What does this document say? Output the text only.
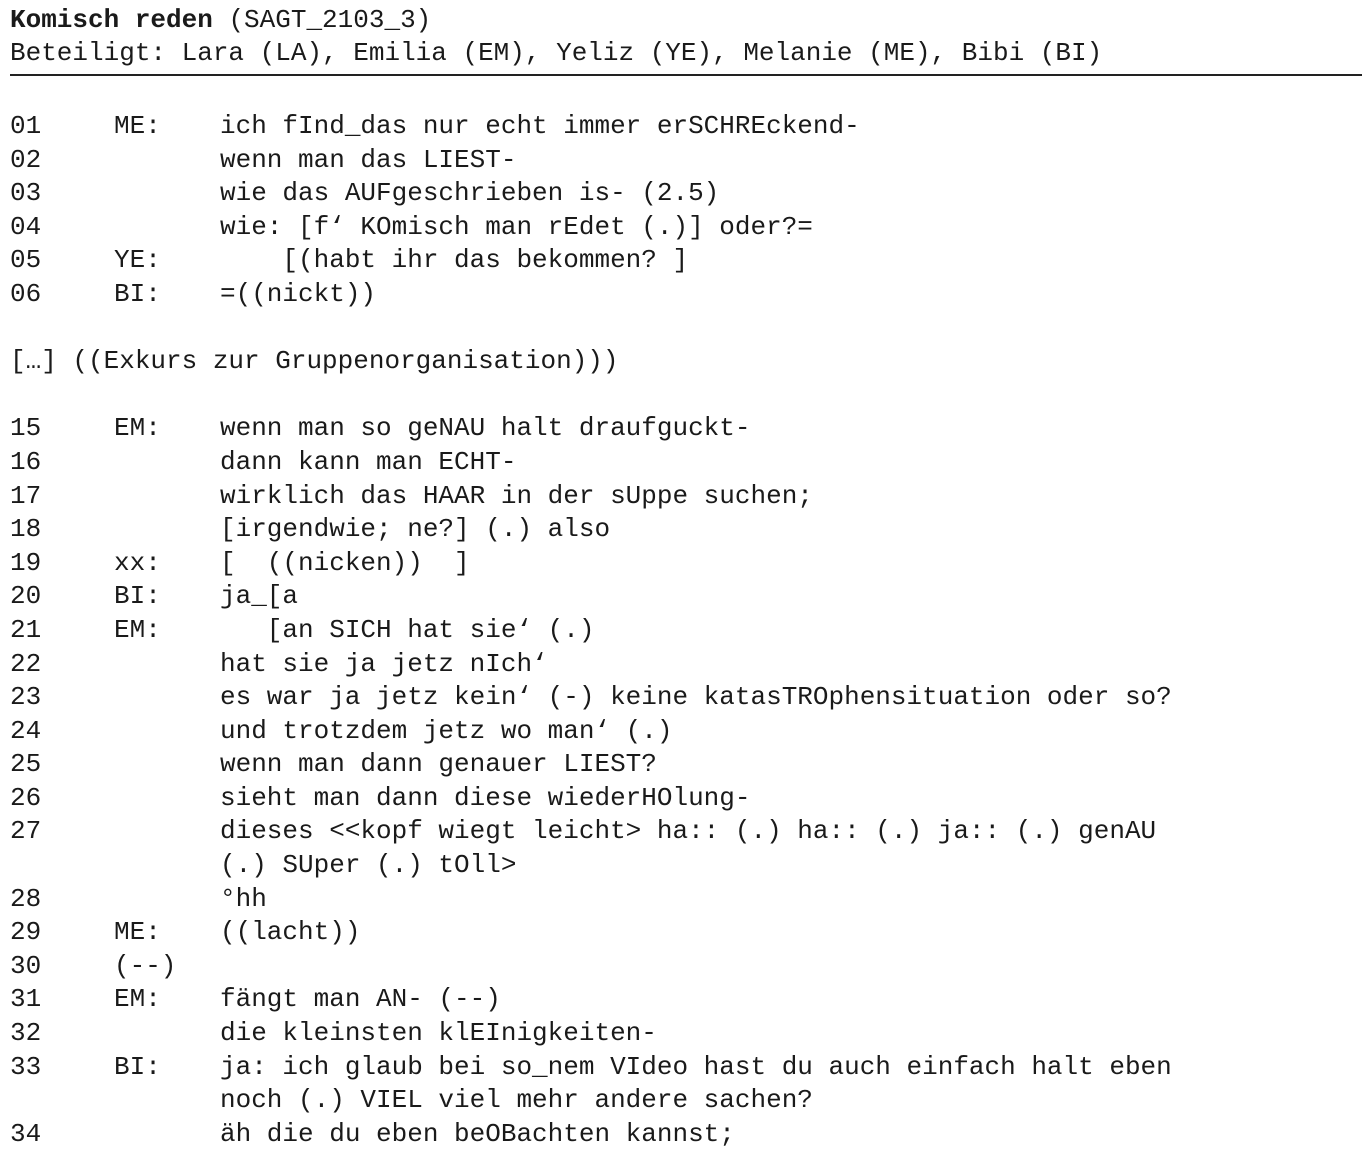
Komisch reden (SAGT_2103_3)
Beteiligt: Lara (LA), Emilia (EM), Yeliz (YE), Melanie (ME), Bibi (BI)
01	ME: ich fInd_das nur echt immer erSCHREckend-
02	wenn man das LIEST-
03	wie das AUFgeschrieben is- (2.5)
04	wie: [f‘ KOmisch man rEdet (.)] oder?=
05	YE: [(habt ihr das bekommen? ]
06	BI: =((nickt))
[…] ((Exkurs zur Gruppenorganisation)))
15	EM: wenn man so geNAU halt draufguckt-
16	dann kann man ECHT-
17	wirklich das HAAR in der sUppe suchen;
18	[irgendwie; ne?] (.) also
19	xx: [  ((nicken))  ]
20	BI: ja_[a
21	EM: [an SICH hat sie‘ (.)
22	hat sie ja jetz nIch‘
23	es war ja jetz kein‘ (-) keine katasTROphensituation oder so?
24	und trotzdem jetz wo man‘ (.)
25	wenn man dann genauer LIEST?
26	sieht man dann diese wiederHOlung-
27	dieses <<kopf wiegt leicht> ha:: (.) ha:: (.) ja:: (.) genAU
(.) SUper (.) tOll>
28	°hh
29	ME: ((lacht))
30	(--)
31	EM: fängt man AN- (--)
32	die kleinsten klEInigkeiten-
33	BI: ja: ich glaub bei so_nem VIdeo hast du auch einfach halt eben
noch (.) VIEL viel mehr andere sachen?
34	äh die du eben beOBachten kannst;
